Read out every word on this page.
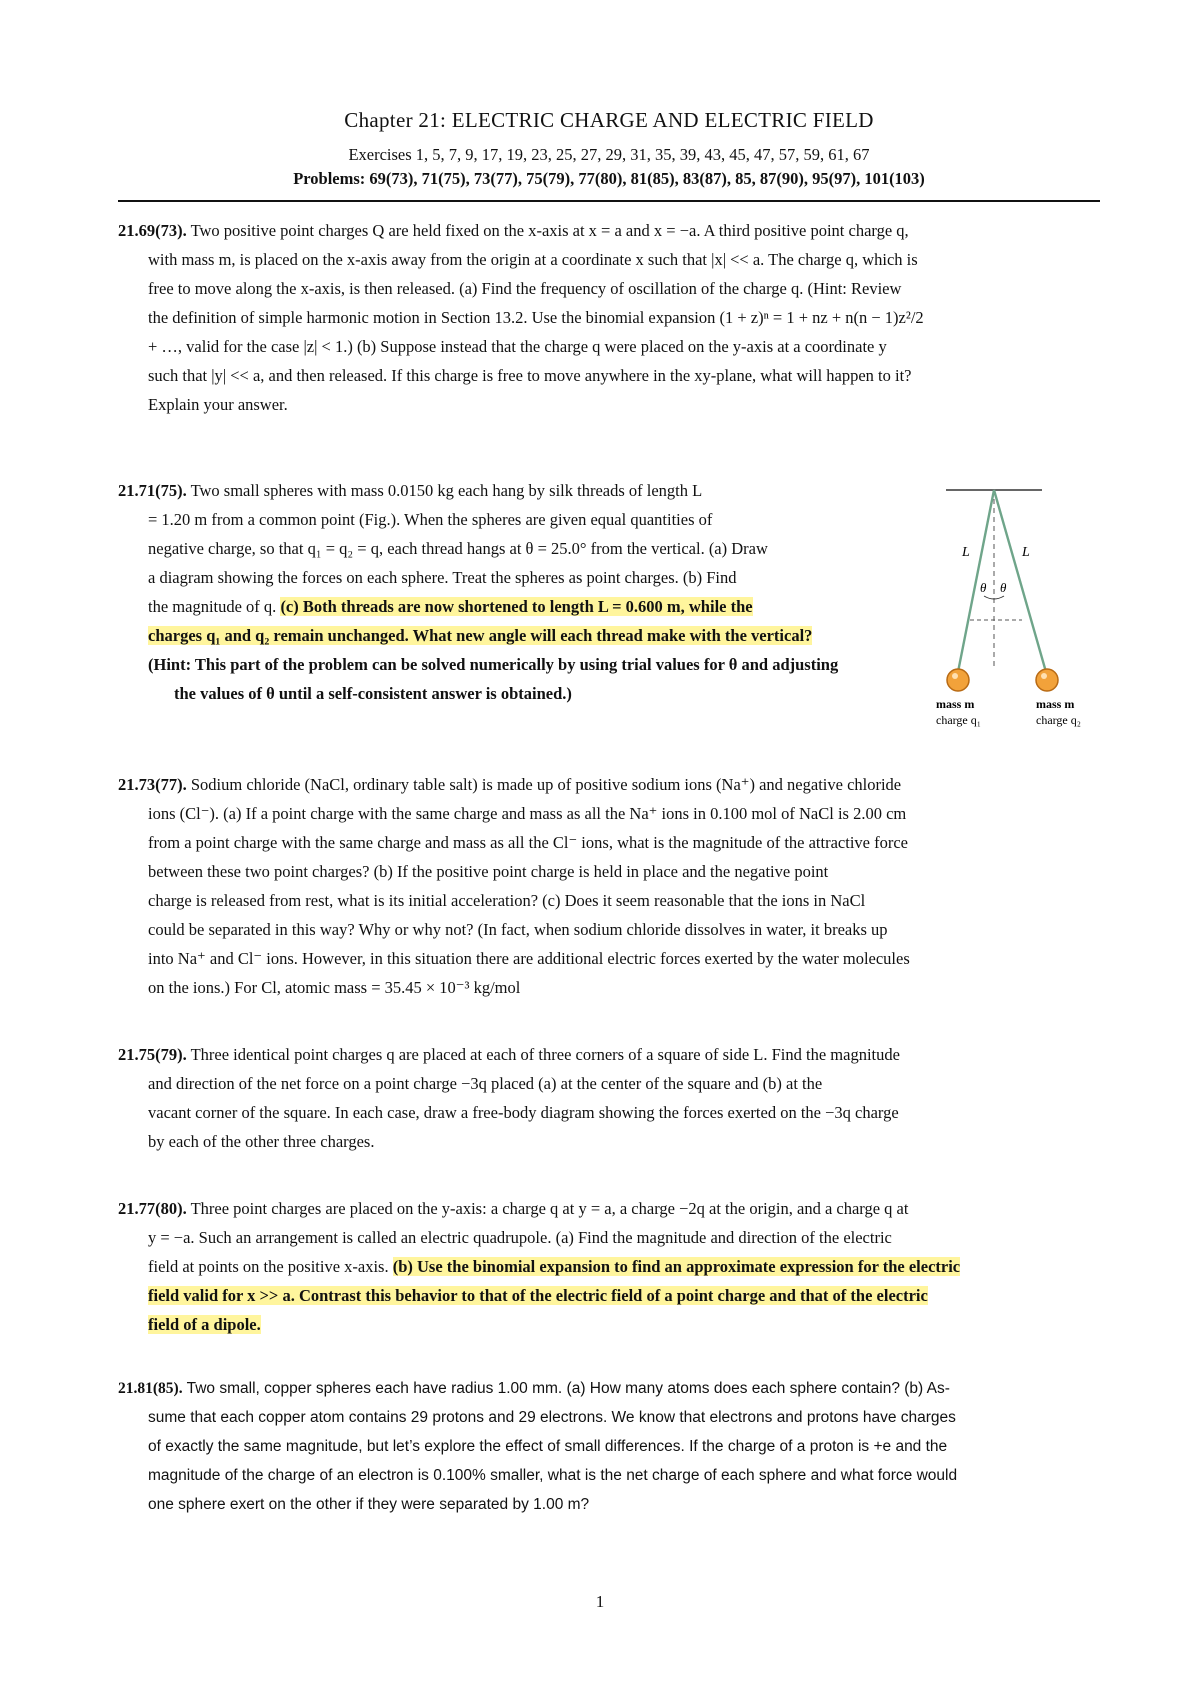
Chapter 21: ELECTRIC CHARGE AND ELECTRIC FIELD
Exercises 1, 5, 7, 9, 17, 19, 23, 25, 27, 29, 31, 35, 39, 43, 45, 47, 57, 59, 61, 67
Problems: 69(73), 71(75), 73(77), 75(79), 77(80), 81(85), 83(87), 85, 87(90), 95(97), 101(103)

21.69(73). Two positive point charges Q are held fixed on the x-axis at x = a and x = −a. A third positive point charge q,

with mass m, is placed on the x-axis away from the origin at a coordinate x such that |x| << a. The charge q, which is

free to move along the x-axis, is then released. (a) Find the frequency of oscillation of the charge q. (Hint: Review

the definition of simple harmonic motion in Section 13.2. Use the binomial expansion (1 + z)ⁿ = 1 + nz + n(n − 1)z²/2

+ …, valid for the case |z| < 1.) (b) Suppose instead that the charge q were placed on the y-axis at a coordinate y

such that |y| << a, and then released. If this charge is free to move anywhere in the xy-plane, what will happen to it?

Explain your answer.

21.71(75). Two small spheres with mass 0.0150 kg each hang by silk threads of length L

= 1.20 m from a common point (Fig.). When the spheres are given equal quantities of

negative charge, so that q₁ = q₂ = q, each thread hangs at θ = 25.0° from the vertical. (a) Draw

a diagram showing the forces on each sphere. Treat the spheres as point charges. (b) Find

the magnitude of q. (c) Both threads are now shortened to length L = 0.600 m, while the

charges q₁ and q₂ remain unchanged. What new angle will each thread make with the vertical?

(Hint: This part of the problem can be solved numerically by using trial values for θ and adjusting

the values of θ until a self-consistent answer is obtained.)

L	L
θ θ
mass m
charge q₁
mass m
charge q₂

21.73(77). Sodium chloride (NaCl, ordinary table salt) is made up of positive sodium ions (Na⁺) and negative chloride

ions (Cl⁻). (a) If a point charge with the same charge and mass as all the Na⁺ ions in 0.100 mol of NaCl is 2.00 cm

from a point charge with the same charge and mass as all the Cl⁻ ions, what is the magnitude of the attractive force

between these two point charges? (b) If the positive point charge is held in place and the negative point

charge is released from rest, what is its initial acceleration? (c) Does it seem reasonable that the ions in NaCl

could be separated in this way? Why or why not? (In fact, when sodium chloride dissolves in water, it breaks up

into Na⁺ and Cl⁻ ions. However, in this situation there are additional electric forces exerted by the water molecules

on the ions.) For Cl, atomic mass = 35.45 × 10⁻³ kg/mol

21.75(79). Three identical point charges q are placed at each of three corners of a square of side L. Find the magnitude

and direction of the net force on a point charge −3q placed (a) at the center of the square and (b) at the

vacant corner of the square. In each case, draw a free-body diagram showing the forces exerted on the −3q charge

by each of the other three charges.

21.77(80). Three point charges are placed on the y-axis: a charge q at y = a, a charge −2q at the origin, and a charge q at

y = −a. Such an arrangement is called an electric quadrupole. (a) Find the magnitude and direction of the electric

field at points on the positive x-axis. (b) Use the binomial expansion to find an approximate expression for the electric

field valid for x >> a. Contrast this behavior to that of the electric field of a point charge and that of the electric

field of a dipole.

21.81(85). Two small, copper spheres each have radius 1.00 mm. (a) How many atoms does each sphere contain? (b) As-

sume that each copper atom contains 29 protons and 29 electrons. We know that electrons and protons have charges

of exactly the same magnitude, but let’s explore the effect of small differences. If the charge of a proton is +e and the

magnitude of the charge of an electron is 0.100% smaller, what is the net charge of each sphere and what force would

one sphere exert on the other if they were separated by 1.00 m?

1
